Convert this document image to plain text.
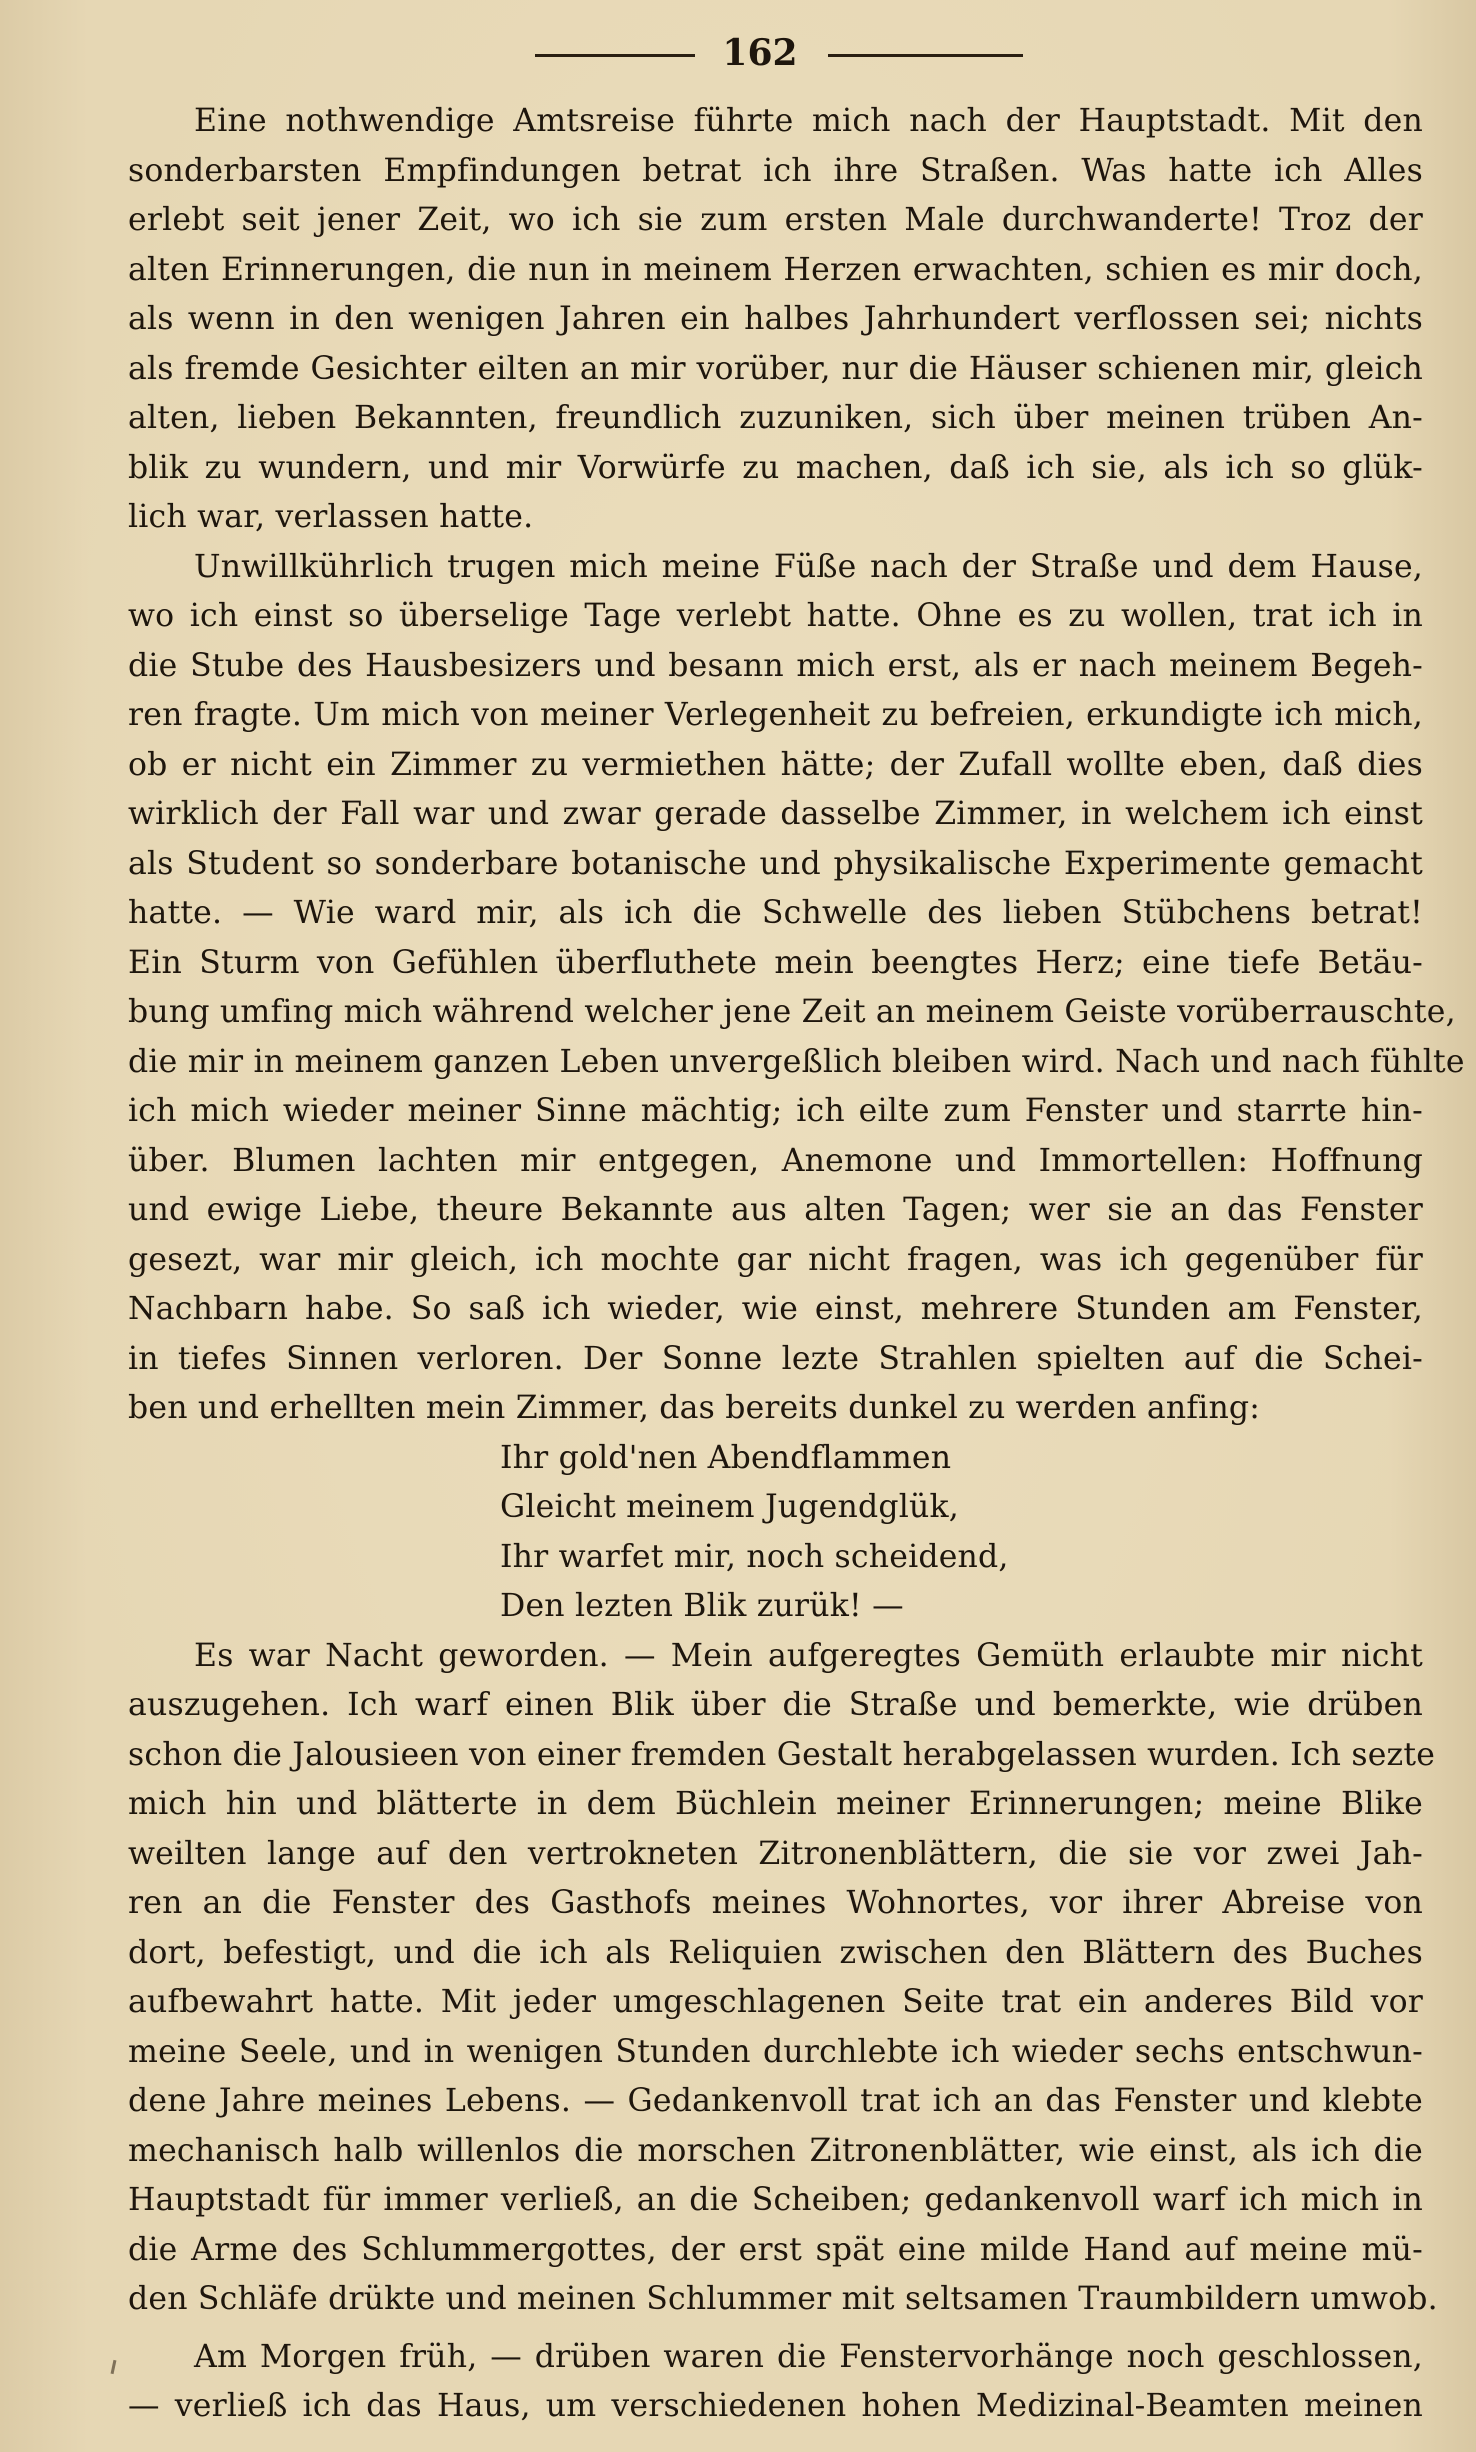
162
Eine nothwendige Amtsreise führte mich nach der Hauptstadt. Mit den
sonderbarsten Empfindungen betrat ich ihre Straßen. Was hatte ich Alles
erlebt seit jener Zeit, wo ich sie zum ersten Male durchwanderte! Troz der
alten Erinnerungen, die nun in meinem Herzen erwachten, schien es mir doch,
als wenn in den wenigen Jahren ein halbes Jahrhundert verflossen sei; nichts
als fremde Gesichter eilten an mir vorüber, nur die Häuser schienen mir, gleich
alten, lieben Bekannten, freundlich zuzuniken, sich über meinen trüben An-
blik zu wundern, und mir Vorwürfe zu machen, daß ich sie, als ich so glük-
lich war, verlassen hatte.
Unwillkührlich trugen mich meine Füße nach der Straße und dem Hause,
wo ich einst so überselige Tage verlebt hatte. Ohne es zu wollen, trat ich in
die Stube des Hausbesizers und besann mich erst, als er nach meinem Begeh-
ren fragte. Um mich von meiner Verlegenheit zu befreien, erkundigte ich mich,
ob er nicht ein Zimmer zu vermiethen hätte; der Zufall wollte eben, daß dies
wirklich der Fall war und zwar gerade dasselbe Zimmer, in welchem ich einst
als Student so sonderbare botanische und physikalische Experimente gemacht
hatte. — Wie ward mir, als ich die Schwelle des lieben Stübchens betrat!
Ein Sturm von Gefühlen überfluthete mein beengtes Herz; eine tiefe Betäu-
bung umfing mich während welcher jene Zeit an meinem Geiste vorüberrauschte,
die mir in meinem ganzen Leben unvergeßlich bleiben wird. Nach und nach fühlte
ich mich wieder meiner Sinne mächtig; ich eilte zum Fenster und starrte hin-
über. Blumen lachten mir entgegen, Anemone und Immortellen: Hoffnung
und ewige Liebe, theure Bekannte aus alten Tagen; wer sie an das Fenster
gesezt, war mir gleich, ich mochte gar nicht fragen, was ich gegenüber für
Nachbarn habe. So saß ich wieder, wie einst, mehrere Stunden am Fenster,
in tiefes Sinnen verloren. Der Sonne lezte Strahlen spielten auf die Schei-
ben und erhellten mein Zimmer, das bereits dunkel zu werden anfing:
Ihr gold'nen Abendflammen
Gleicht meinem Jugendglük,
Ihr warfet mir, noch scheidend,
Den lezten Blik zurük! —
Es war Nacht geworden. — Mein aufgeregtes Gemüth erlaubte mir nicht
auszugehen. Ich warf einen Blik über die Straße und bemerkte, wie drüben
schon die Jalousieen von einer fremden Gestalt herabgelassen wurden. Ich sezte
mich hin und blätterte in dem Büchlein meiner Erinnerungen; meine Blike
weilten lange auf den vertrokneten Zitronenblättern, die sie vor zwei Jah-
ren an die Fenster des Gasthofs meines Wohnortes, vor ihrer Abreise von
dort, befestigt, und die ich als Reliquien zwischen den Blättern des Buches
aufbewahrt hatte. Mit jeder umgeschlagenen Seite trat ein anderes Bild vor
meine Seele, und in wenigen Stunden durchlebte ich wieder sechs entschwun-
dene Jahre meines Lebens. — Gedankenvoll trat ich an das Fenster und klebte
mechanisch halb willenlos die morschen Zitronenblätter, wie einst, als ich die
Hauptstadt für immer verließ, an die Scheiben; gedankenvoll warf ich mich in
die Arme des Schlummergottes, der erst spät eine milde Hand auf meine mü-
den Schläfe drükte und meinen Schlummer mit seltsamen Traumbildern umwob.
Am Morgen früh, — drüben waren die Fenstervorhänge noch geschlossen,
— verließ ich das Haus, um verschiedenen hohen Medizinal-Beamten meinen
